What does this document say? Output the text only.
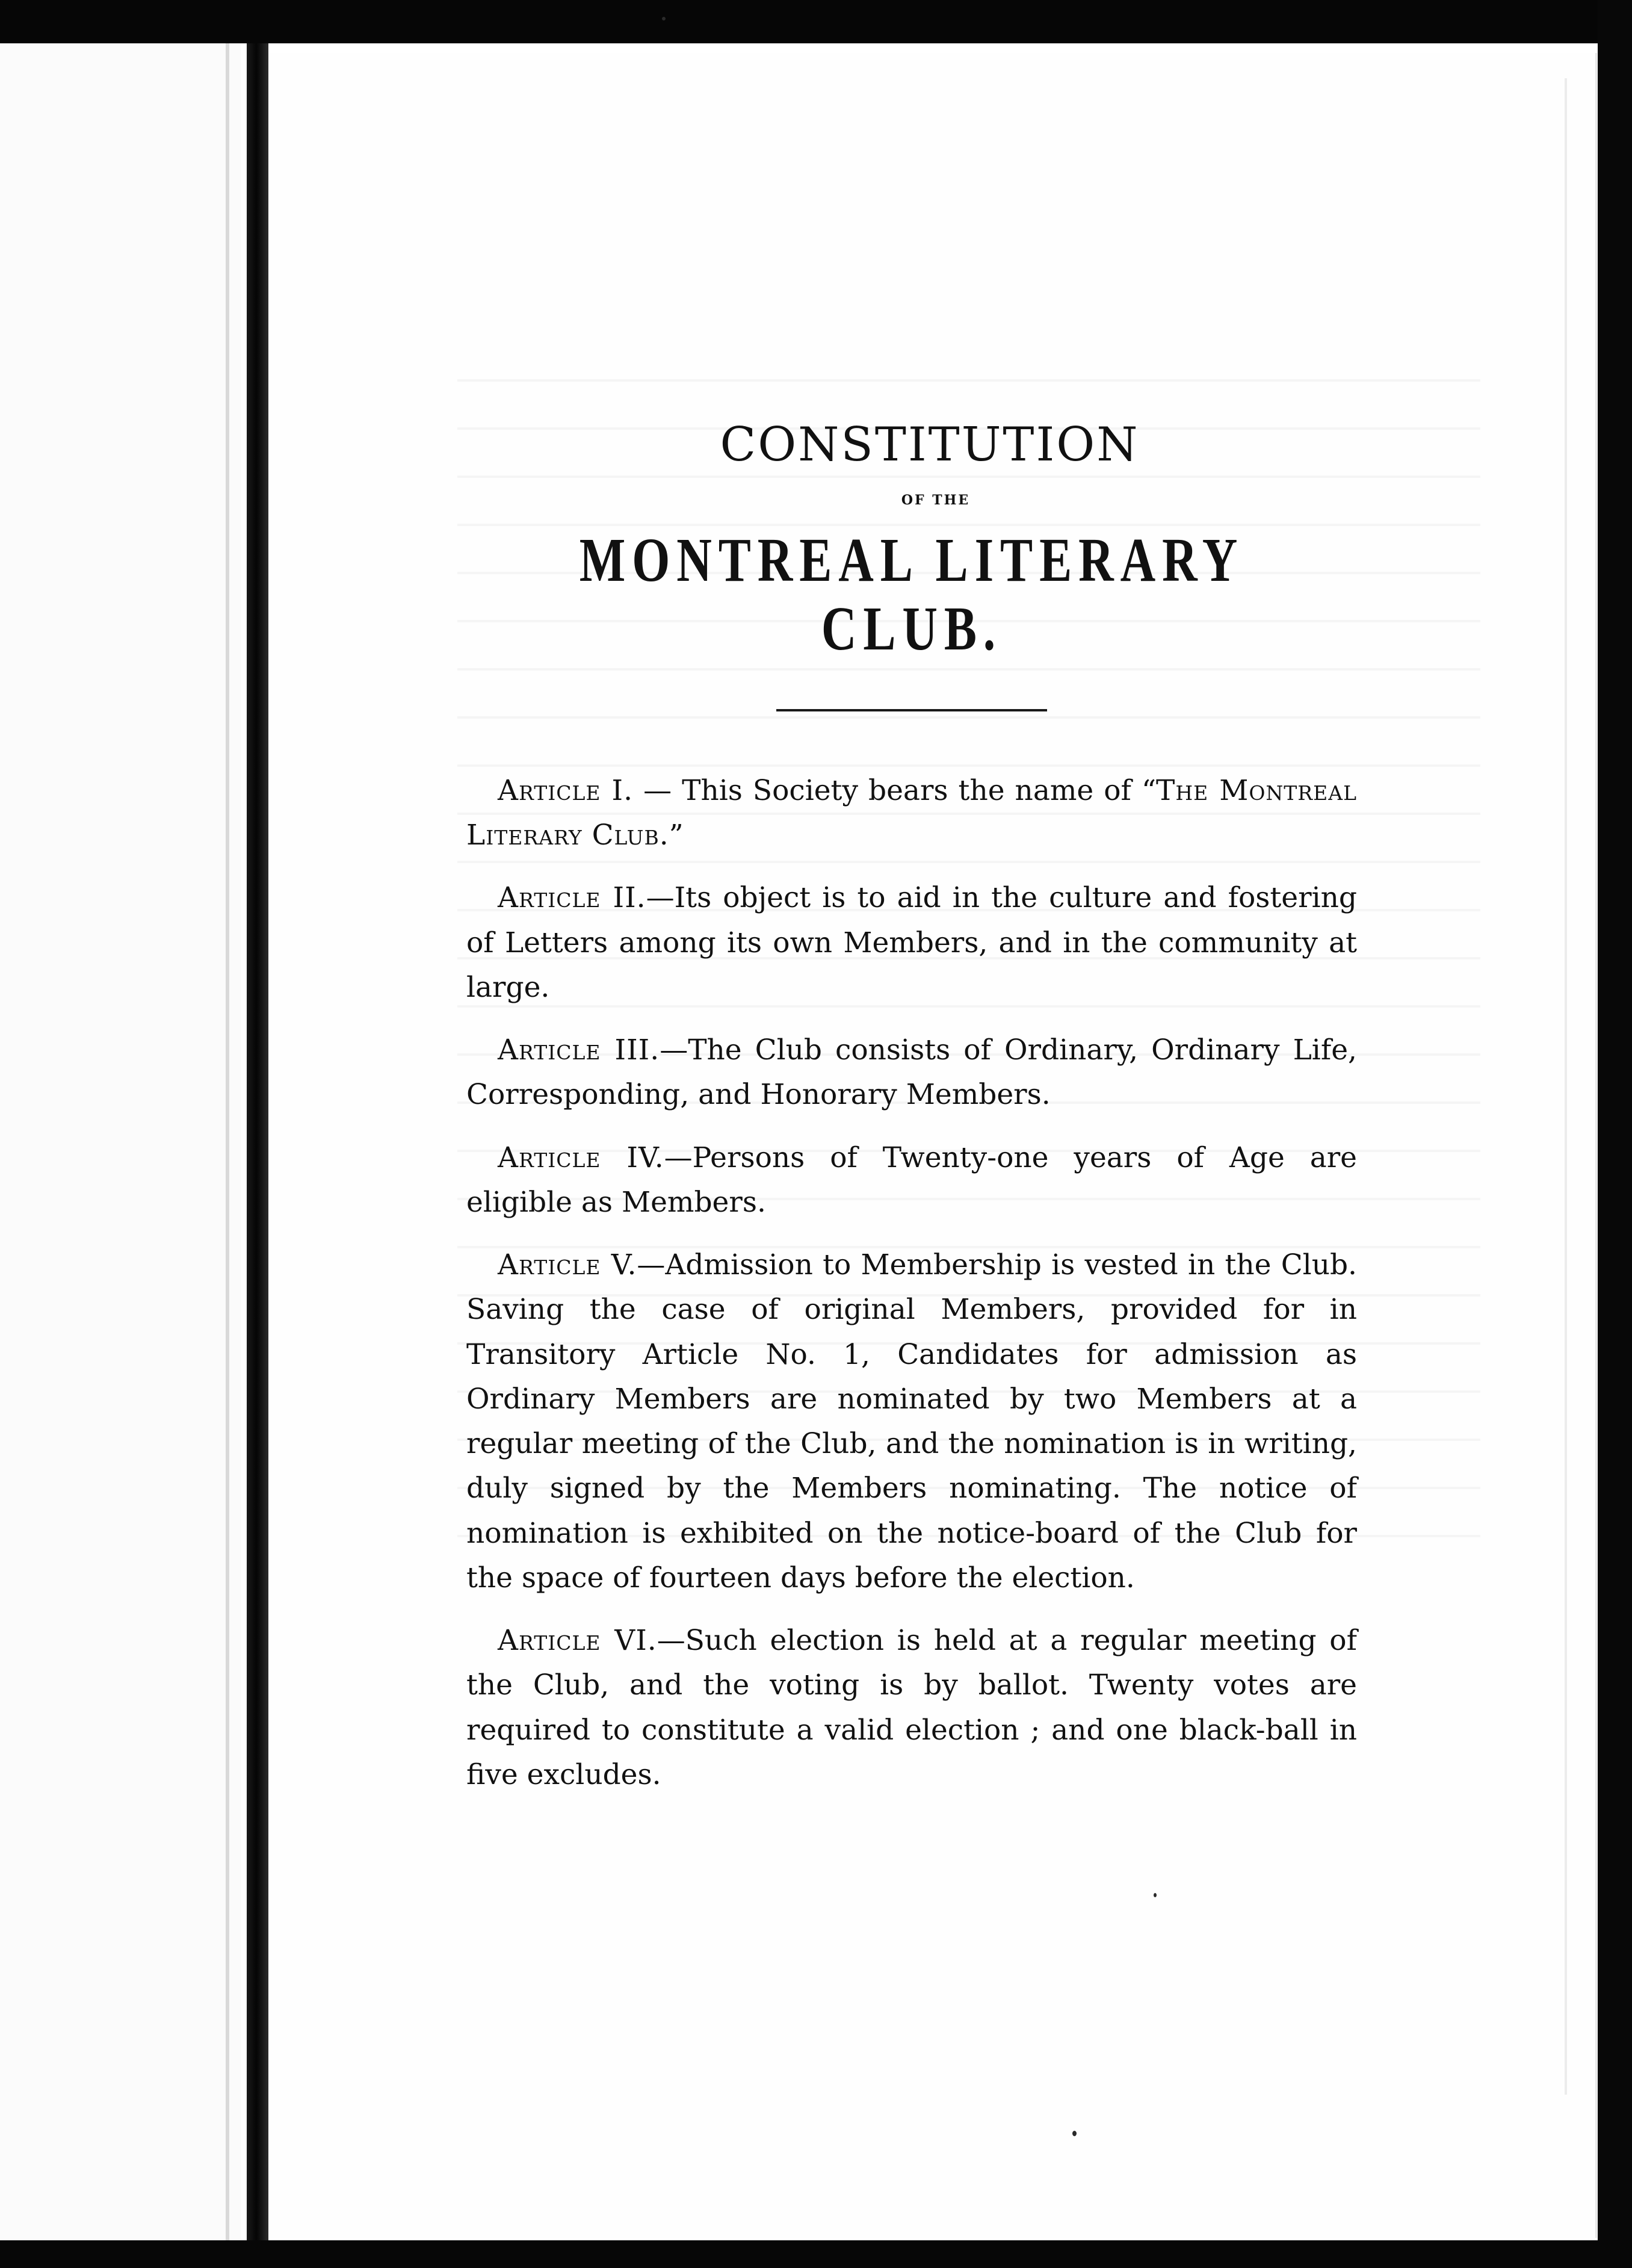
CONSTITUTION
OF THE
MONTREAL LITERARY CLUB.

Article I. — This Society bears the name of “The Montreal Literary Club.”

Article II.—Its object is to aid in the culture and fostering of Letters among its own Members, and in the community at large.

Article III.—The Club consists of Ordinary, Ordinary Life, Corresponding, and Honorary Members.

Article IV.—Persons of Twenty-one years of Age are eligible as Members.

Article V.—Admission to Membership is vested in the Club. Saving the case of original Members, provided for in Transitory Article No. 1, Candidates for admission as Ordinary Members are nominated by two Members at a regular meeting of the Club, and the nomination is in writing, duly signed by the Members nominating. The notice of nomination is exhibited on the notice-board of the Club for the space of fourteen days before the election.

Article VI.—Such election is held at a regular meeting of the Club, and the voting is by ballot. Twenty votes are required to constitute a valid election ; and one black-ball in five excludes.
